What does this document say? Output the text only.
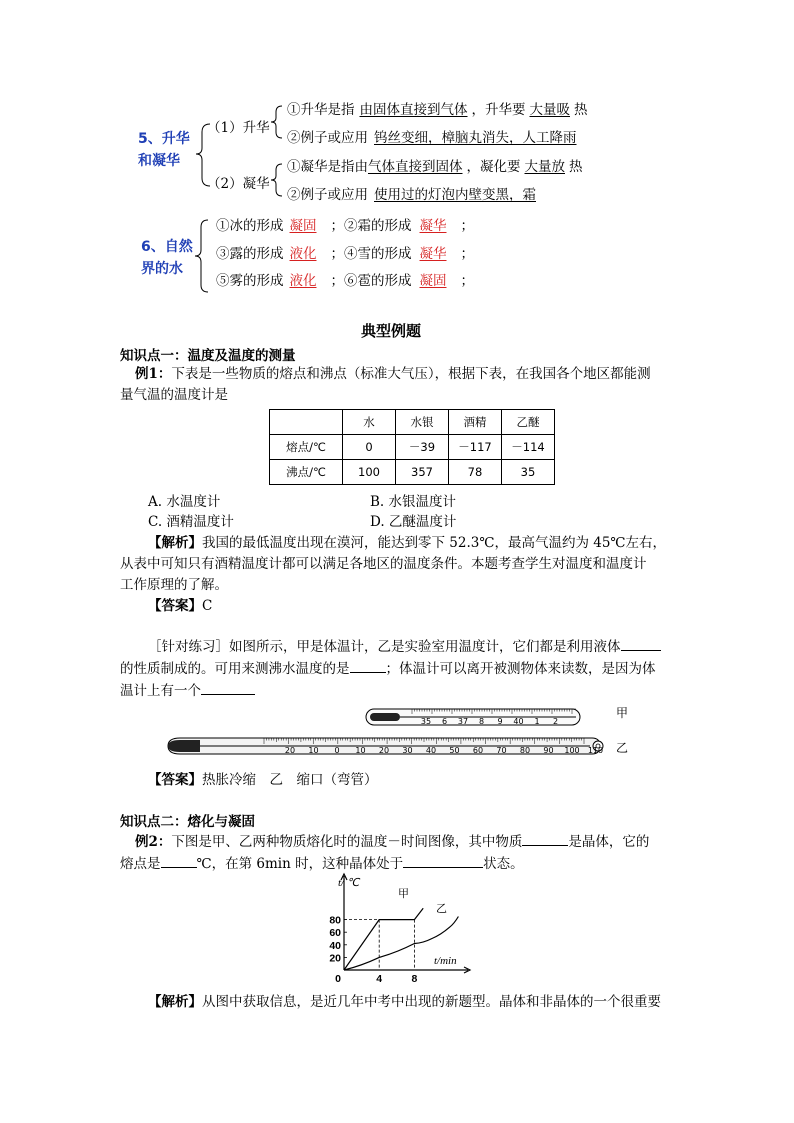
5、升华
和凝华
（1）升华
（2）凝华
①升华是指 由固体直接到气体 ，升华要 大量吸 热
②例子或应用 钨丝变细，樟脑丸消失，人工降雨
①凝华是指由气体直接到固体 ，凝化要 大量放 热
②例子或应用 使用过的灯泡内壁变黑，霜
6、自然
界的水
①冰的形成 凝固 ；②霜的形成 凝华 ；
③露的形成 液化 ；④雪的形成 凝华 ；
⑤雾的形成 液化 ；⑥雹的形成 凝固 ；
典型例题
知识点一：温度及温度的测量
例1：下表是一些物质的熔点和沸点（标准大气压），根据下表，在我国各个地区都能测
量气温的温度计是
	水	水银	酒精	乙醚
熔点/℃	0	－39	－117	－114
沸点/℃	100	357	78	35
A. 水温度计	B. 水银温度计
C. 酒精温度计	D. 乙醚温度计
【解析】我国的最低温度出现在漠河，能达到零下 52.3℃，最高气温约为 45℃左右，
从表中可知只有酒精温度计都可以满足各地区的温度条件。本题考查学生对温度和温度计
工作原理的了解。
【答案】C
［针对练习］如图所示，甲是体温计，乙是实验室用温度计，它们都是利用液体
的性质制成的。可用来测沸水温度的是	；体温计可以离开被测物体来读数，是因为体
温计上有一个
35 6 37 8 9 40 1 2
甲
20 10 0 10 20 30 40 50 60 70 80 90 100 110 乙
【答案】热胀冷缩　乙　缩口（弯管）
知识点二：熔化与凝固
例2：下图是甲、乙两种物质熔化时的温度－时间图像，其中物质	是晶体，它的
熔点是	℃，在第 6min 时，这种晶体处于	状态。
t/ ℃
t/min
80
60
40
20
0	4	8
甲
乙
【解析】从图中获取信息，是近几年中考中出现的新题型。晶体和非晶体的一个很重要
